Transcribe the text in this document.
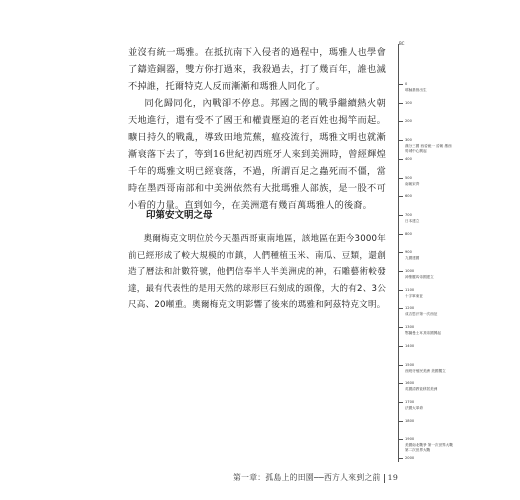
並沒有統一瑪雅。在抵抗南下入侵者的過程中，瑪雅人也學會了鑄造銅器，雙方你打過來，我殺過去，打了幾百年，誰也滅不掉誰，托爾特克人反而漸漸和瑪雅人同化了。

同化歸同化，內戰卻不停息。邦國之間的戰爭繼續熱火朝天地進行，還有受不了國王和權貴壓迫的老百姓也揭竿而起。曠日持久的戰亂，導致田地荒蕪，瘟疫流行，瑪雅文明也就漸漸衰落下去了，等到16世紀初西班牙人來到美洲時，曾經輝煌千年的瑪雅文明已經衰落，不過，所謂百足之蟲死而不僵，當時在墨西哥南部和中美洲依然有大批瑪雅人部族，是一股不可小看的力量。直到如今，在美洲還有幾百萬瑪雅人的後裔。

印第安文明之母

奧爾梅克文明位於今天墨西哥東南地區，該地區在距今3000年前已經形成了較大規模的市鎮，人們種植玉米、南瓜、豆類，還創造了曆法和計數符號，他們信奉半人半美洲虎的神，石雕藝術較發達，最有代表性的是用天然的球形巨石刻成的頭像，大的有2、3公尺高、20噸重。奧爾梅克文明影響了後來的瑪雅和阿茲特克文明。

BC
0
耶穌基督出生
100
200
300
漢分三國 西晉統一 晉朝 墨西哥城中心興起
400
500
南朝宋齊
600
700
日本建立
800
900
九國建國
1000
神聖羅馬帝國建立
1100
十字軍東征
1200
成吉思汗第一次西征
1300
鄂圖曼土耳其帝國興起
1400
1500
西班牙殖民美洲 美國獨立
1600
英國清教徒移居美洲
1700
法國大革命
1800
1900
美國南北戰爭 第一次世界大戰 第二次世界大戰
2000
第一章：孤島上的田園──西方人來到之前 19
